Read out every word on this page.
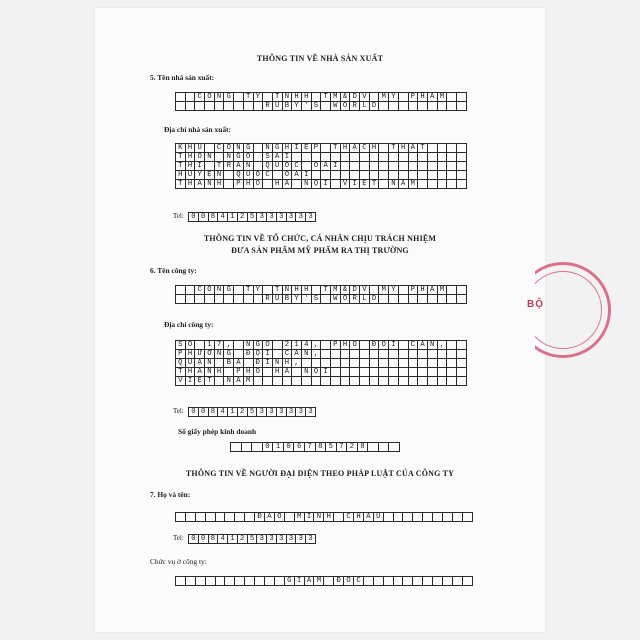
BỘ
THÔNG TIN VỀ NHÀ SẢN XUẤT
5. Tên nhà sản xuất:
		C	Ô	N	G		T	Y		T	N	H	H		T	M	&	D	V		M	Ỹ		P	H	Ẩ	M		
									R	U	B	Y	'	S		W	O	R	L	D									
Địa chỉ nhà sản xuất:
K	H	U		C	Ô	N	G		N	G	H	I	Ệ	P		T	H	Ạ	C	H		T	H	Ấ	T				
T	H	Ô	N		N	G	Ô		S	À	I																		
T	H	Ị		T	R	Ấ	N		Q	U	Ố	C		O	A	I													
H	U	Y	Ệ	N		Q	U	Ố	C		O	A	I																
T	H	À	N	H		P	H	Ố		H	À		N	Ộ	I		V	I	Ệ	T		N	A	M					
Tel: 0	0	8	4	1	2	5	3	3	3	3	3	3
THÔNG TIN VỀ TỔ CHỨC, CÁ NHÂN CHỊU TRÁCH NHIỆM
ĐƯA SẢN PHẨM MỸ PHẨM RA THỊ TRƯỜNG
6. Tên công ty:
		C	Ô	N	G		T	Y		T	N	H	H		T	M	&	D	V		M	Ỹ		P	H	Ẩ	M		
									R	U	B	Y	'	S		W	O	R	L	D									
Địa chỉ công ty:
S	Ố		1	7	,		N	G	Õ		2	1	4	,		P	H	Ố		Đ	Ộ	I		C	Ấ	N	,		
P	H	Ư	Ờ	N	G		Đ	Ộ	I		C	Ấ	N	,															
Q	U	Ậ	N		B	A		Đ	Ì	N	H	,																	
T	H	À	N	H		P	H	Ố		H	À		N	Ộ	I														
V	I	Ệ	T		N	A	M																						
Tel: 0	0	8	4	1	2	5	3	3	3	3	3	3
Số giấy phép kinh doanh
			0	1	0	6	7	8	5	7	2	8			
THÔNG TIN VỀ NGƯỜI ĐẠI DIỆN THEO PHÁP LUẬT CỦA CÔNG TY
7. Họ và tên:
								Đ	À	O		M	I	N	H		C	H	Â	U									
Tel: 0	0	8	4	1	2	5	3	3	3	3	3	3
Chức vụ ở công ty:
											G	I	Á	M		Đ	Ố	C											
